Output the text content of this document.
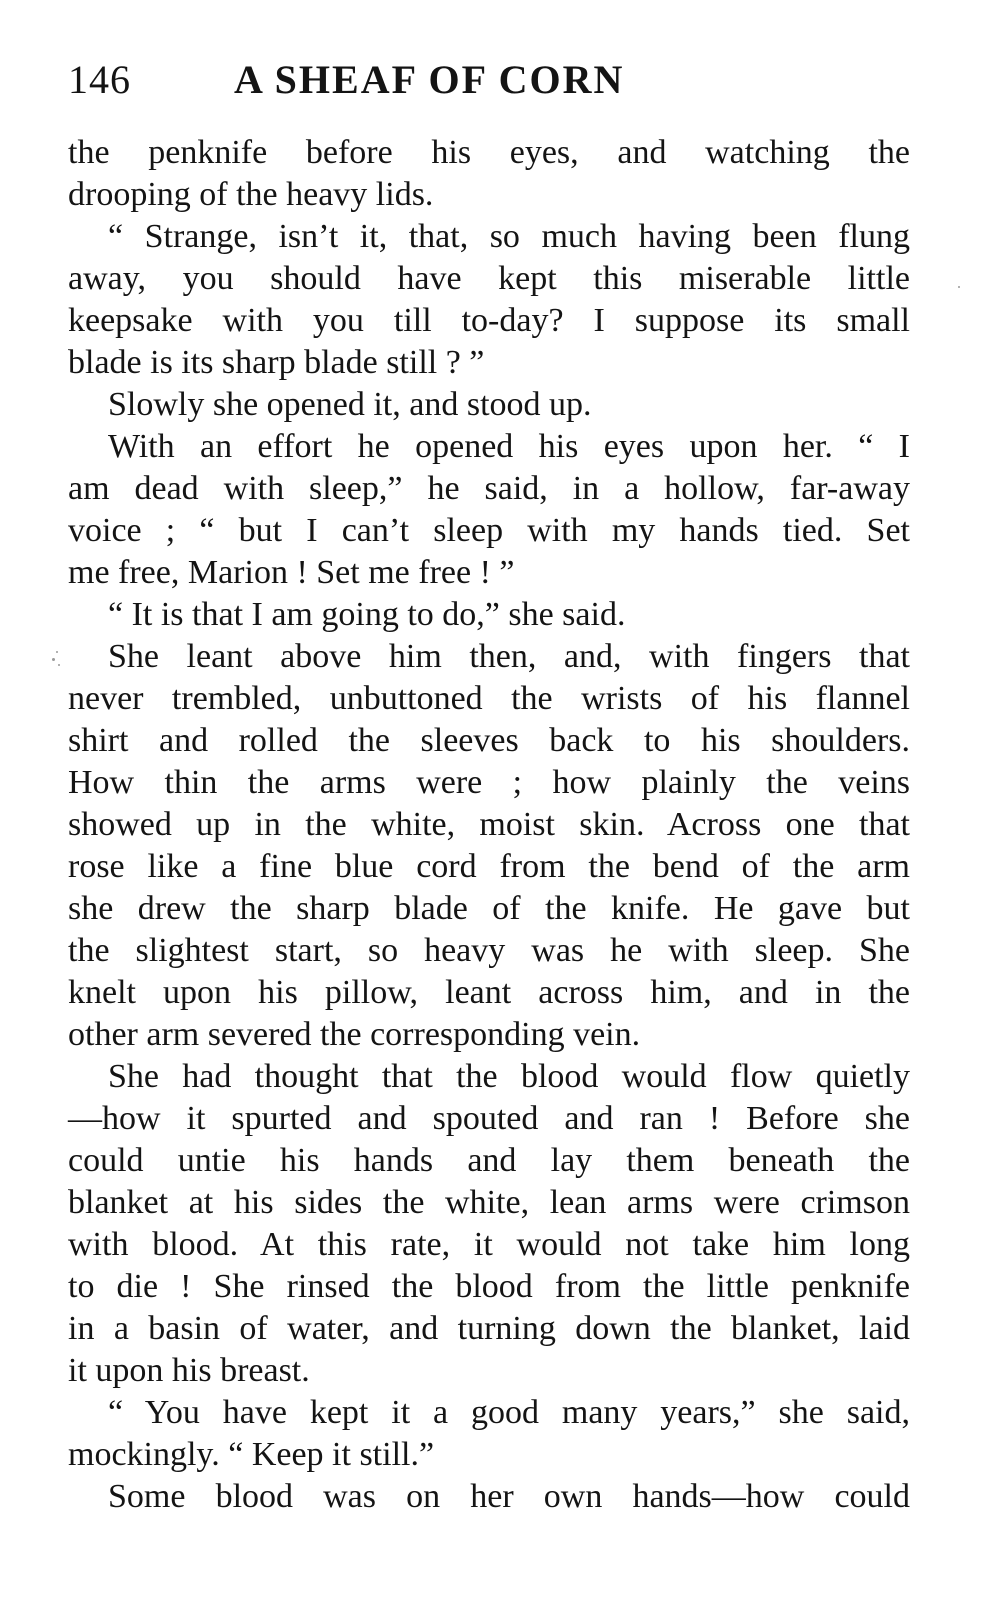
146	A SHEAF OF CORN
the penknife before his eyes, and watching the
drooping of the heavy lids.
“ Strange, isn’t it, that, so much having been flung
away, you should have kept this miserable little
keepsake with you till to-day? I suppose its small
blade is its sharp blade still ? ”
Slowly she opened it, and stood up.
With an effort he opened his eyes upon her. “ I
am dead with sleep,” he said, in a hollow, far-away
voice ; “ but I can’t sleep with my hands tied. Set
me free, Marion ! Set me free ! ”
“ It is that I am going to do,” she said.
She leant above him then, and, with fingers that
never trembled, unbuttoned the wrists of his flannel
shirt and rolled the sleeves back to his shoulders.
How thin the arms were ; how plainly the veins
showed up in the white, moist skin. Across one that
rose like a fine blue cord from the bend of the arm
she drew the sharp blade of the knife. He gave but
the slightest start, so heavy was he with sleep. She
knelt upon his pillow, leant across him, and in the
other arm severed the corresponding vein.
She had thought that the blood would flow quietly
—how it spurted and spouted and ran ! Before she
could untie his hands and lay them beneath the
blanket at his sides the white, lean arms were crimson
with blood. At this rate, it would not take him long
to die ! She rinsed the blood from the little penknife
in a basin of water, and turning down the blanket, laid
it upon his breast.
“ You have kept it a good many years,” she said,
mockingly. “ Keep it still.”
Some blood was on her own hands—how could
